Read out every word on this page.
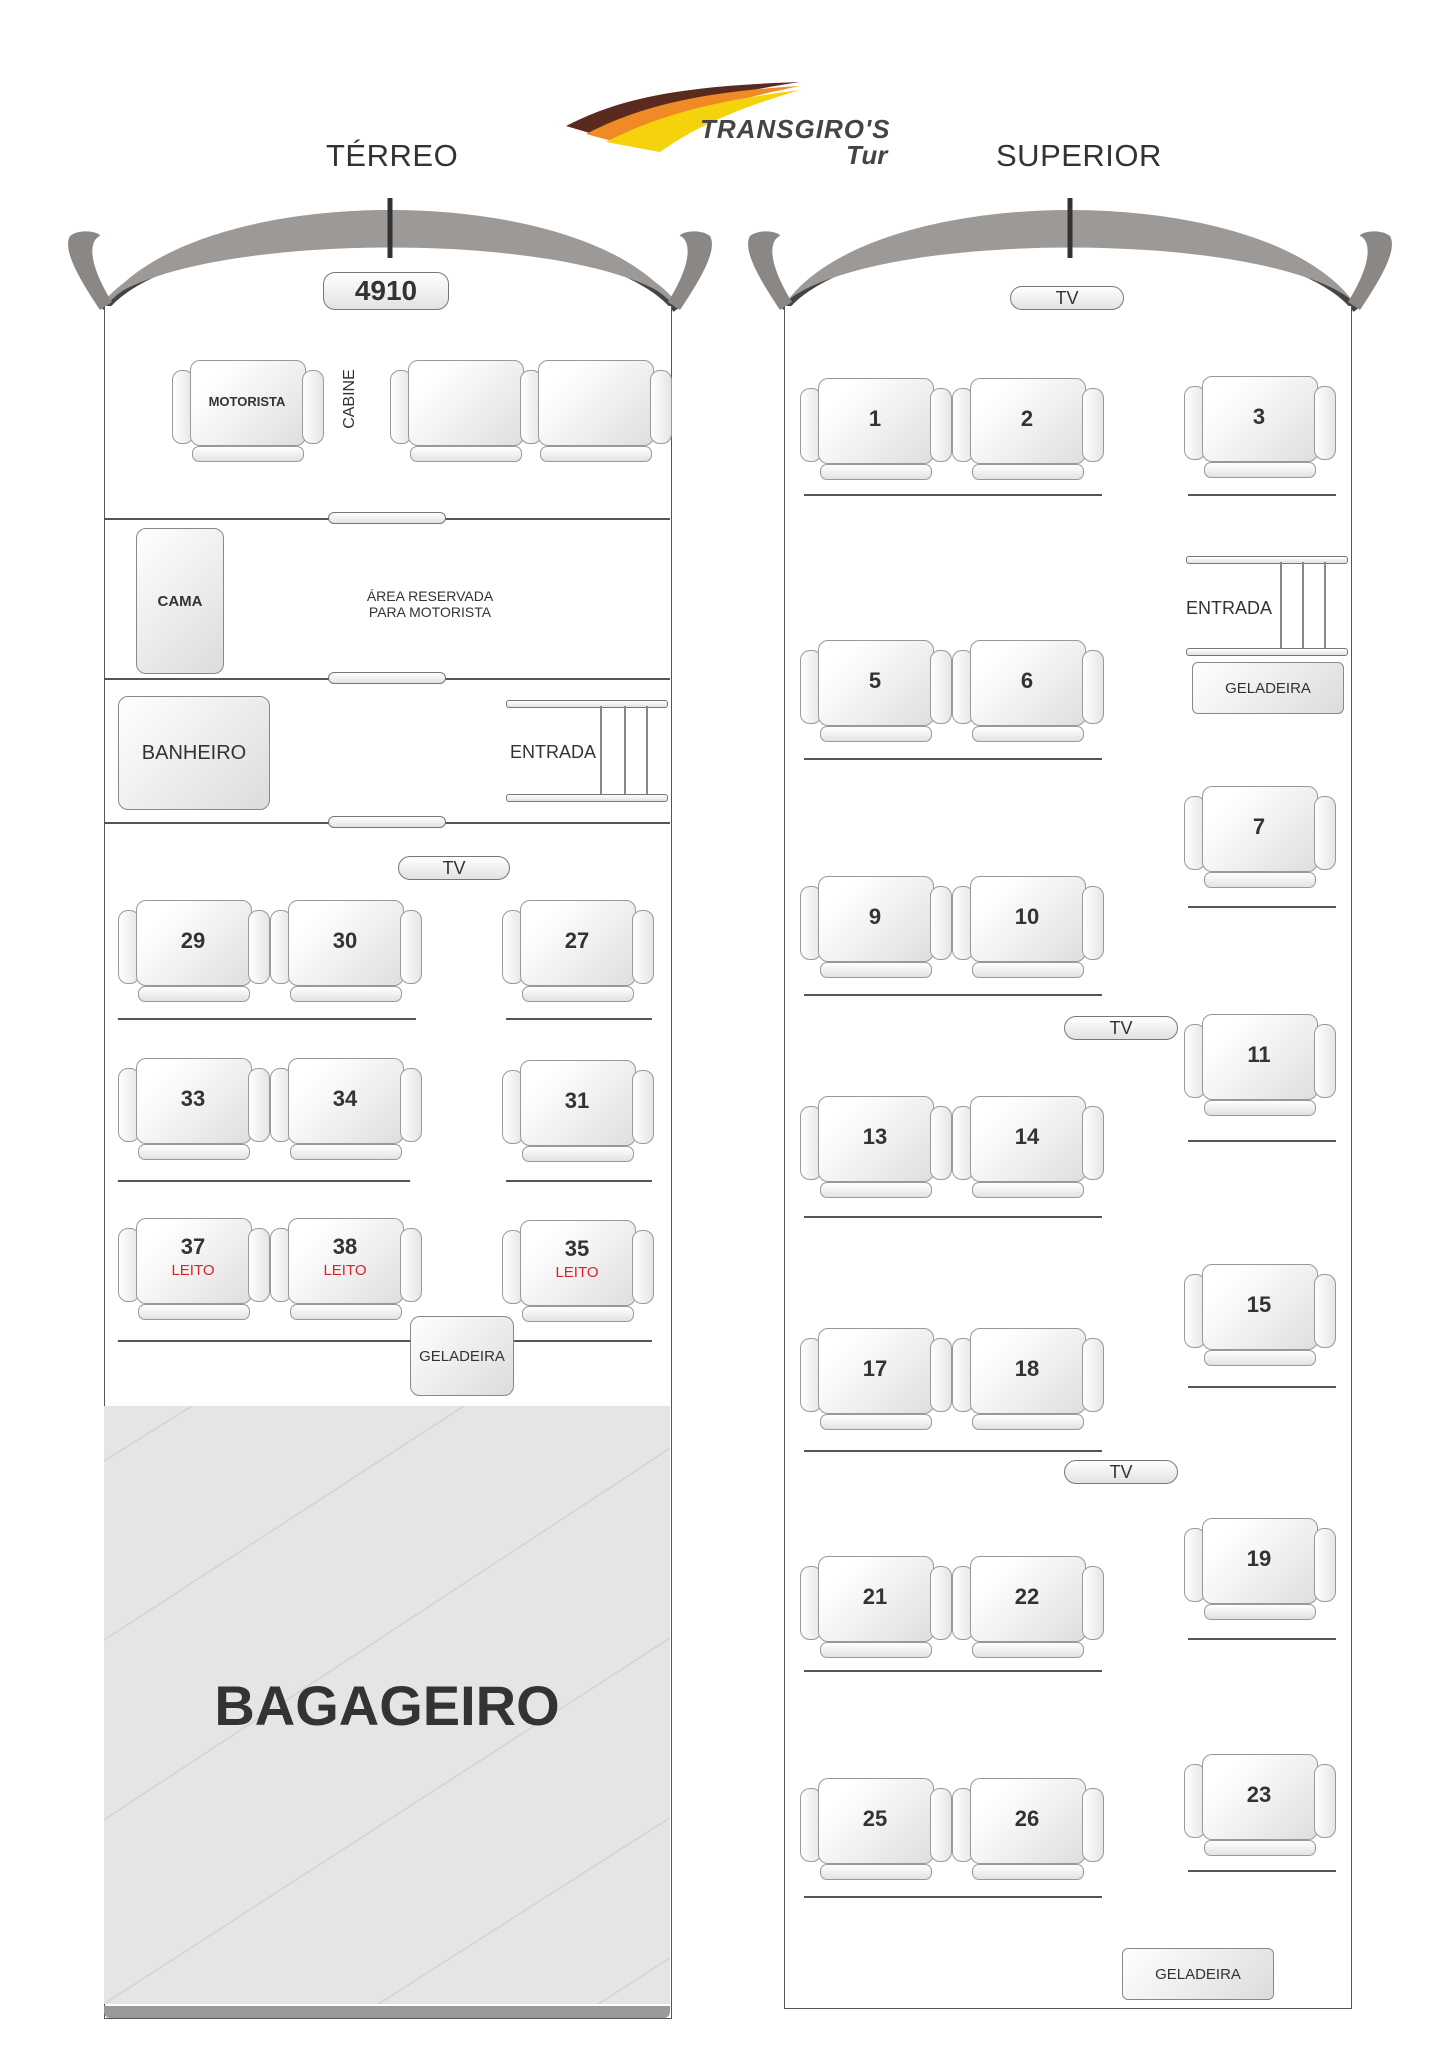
TRANSGIRO'S
Tur
TÉRREO	SUPERIOR
4910
MOTORISTA	CABINE
CAMA	ÁREA RESERVADA
PARA MOTORISTA
BANHEIRO	ENTRADA
TV
29	30	27
33	34	31
37
LEITO
38
LEITO
35
LEITO
GELADEIRA
BAGAGEIRO
TV
1	2	3
ENTRADA
GELADEIRA
5	6
7
9	10
TV
11
13	14
15
17	18
TV
19
21	22
23
25	26
GELADEIRA
